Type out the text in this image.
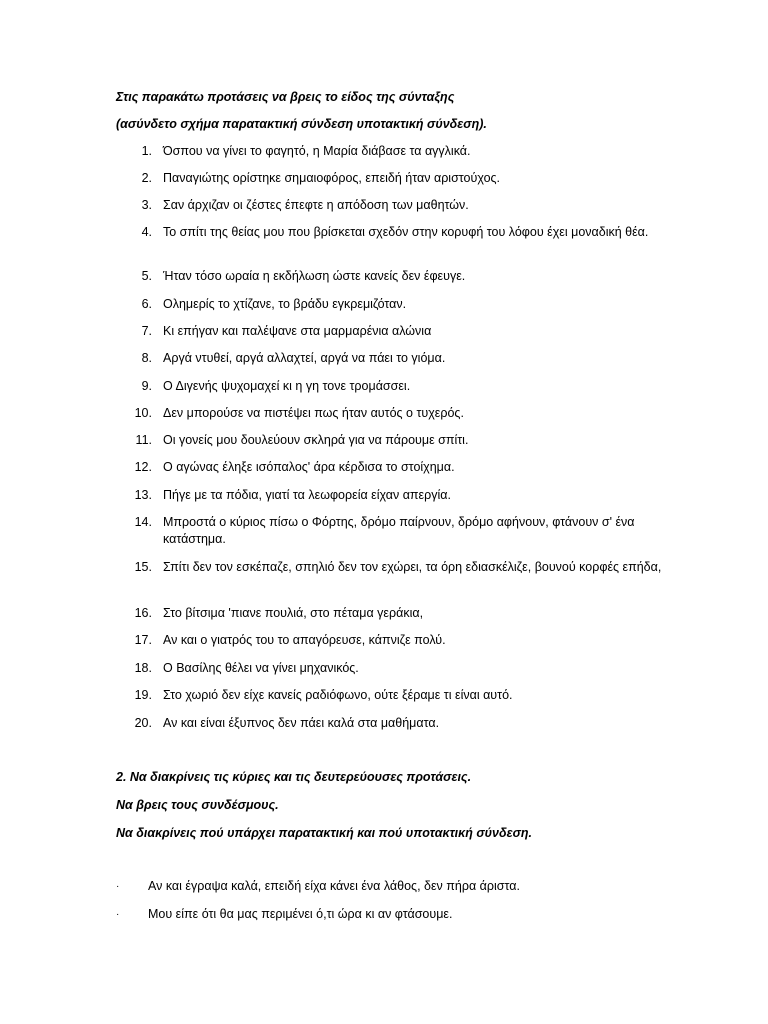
Στις παρακάτω προτάσεις να βρεις το είδος της σύνταξης
(ασύνδετο σχήμα παρατακτική σύνδεση υποτακτική σύνδεση).
1. Όσπου να γίνει το φαγητό, η Μαρία διάβασε τα αγγλικά.
2. Παναγιώτης ορίστηκε σημαιοφόρος, επειδή ήταν αριστούχος.
3. Σαν άρχιζαν οι ζέστες έπεφτε η απόδοση των μαθητών.
4. Το σπίτι της θείας μου που βρίσκεται σχεδόν στην κορυφή του λόφου έχει μοναδική θέα.
5. Ήταν τόσο ωραία η εκδήλωση ώστε κανείς δεν έφευγε.
6. Ολημερίς το χτίζανε, το βράδυ εγκρεμιζόταν.
7. Κι επήγαν και παλέψανε στα μαρμαρένια αλώνια
8. Αργά ντυθεί, αργά αλλαχτεί, αργά να πάει το γιόμα.
9. Ο Διγενής ψυχομαχεί κι η γη τονε τρομάσσει.
10. Δεν μπορούσε να πιστέψει πως ήταν αυτός ο τυχερός.
11. Οι γονείς μου δουλεύουν σκληρά για να πάρουμε σπίτι.
12. Ο αγώνας έληξε ισόπαλος' άρα κέρδισα το στοίχημα.
13. Πήγε με τα πόδια, γιατί τα λεωφορεία είχαν απεργία.
14. Μπροστά ο κύριος πίσω ο Φόρτης, δρόμο παίρνουν, δρόμο αφήνουν, φτάνουν σ' ένα κατάστημα.
15. Σπίτι δεν τον εσκέπαζε, σπηλιό δεν τον εχώρει, τα όρη εδιασκέλιζε, βουνού κορφές επήδα,
16. Στο βίτσιμα 'πιανε πουλιά, στο πέταμα γεράκια,
17. Αν και ο γιατρός του το απαγόρευσε, κάπνιζε πολύ.
18. Ο Βασίλης θέλει να γίνει μηχανικός.
19. Στο χωριό δεν είχε κανείς ραδιόφωνο, ούτε ξέραμε τι είναι αυτό.
20. Αν και είναι έξυπνος δεν πάει καλά στα μαθήματα.
2. Να διακρίνεις τις κύριες και τις δευτερεύουσες προτάσεις.
Να βρεις τους συνδέσμους.
Να διακρίνεις πού υπάρχει παρατακτική και πού υποτακτική σύνδεση.
· Αν και έγραψα καλά, επειδή είχα κάνει ένα λάθος, δεν πήρα άριστα.
· Μου είπε ότι θα μας περιμένει ό,τι ώρα κι αν φτάσουμε.
